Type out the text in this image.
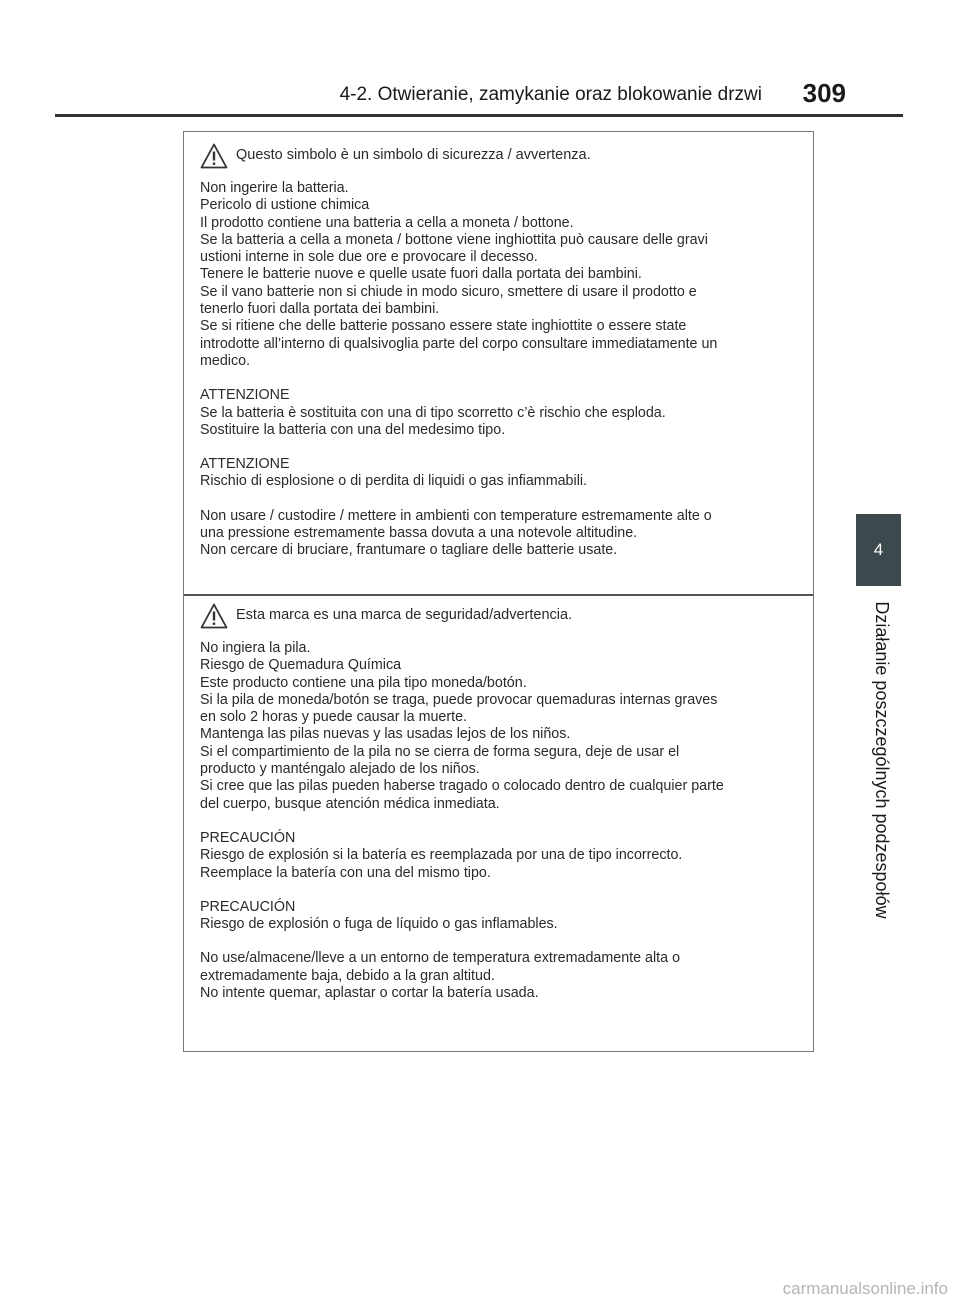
4-2. Otwieranie, zamykanie oraz blokowanie drzwi 309
4
Działanie poszczególnych podzespołów
Questo simbolo è un simbolo di sicurezza / avvertenza.
Non ingerire la batteria.
Pericolo di ustione chimica
Il prodotto contiene una batteria a cella a moneta / bottone.
Se la batteria a cella a moneta / bottone viene inghiottita può causare delle gravi
ustioni interne in sole due ore e provocare il decesso.
Tenere le batterie nuove e quelle usate fuori dalla portata dei bambini.
Se il vano batterie non si chiude in modo sicuro, smettere di usare il prodotto e
tenerlo fuori dalla portata dei bambini.
Se si ritiene che delle batterie possano essere state inghiottite o essere state
introdotte all’interno di qualsivoglia parte del corpo consultare immediatamente un
medico.
ATTENZIONE
Se la batteria è sostituita con una di tipo scorretto c’è rischio che esploda.
Sostituire la batteria con una del medesimo tipo.
ATTENZIONE
Rischio di esplosione o di perdita di liquidi o gas infiammabili.
Non usare / custodire / mettere in ambienti con temperature estremamente alte o
una pressione estremamente bassa dovuta a una notevole altitudine.
Non cercare di bruciare, frantumare o tagliare delle batterie usate.
Esta marca es una marca de seguridad/advertencia.
No ingiera la pila.
Riesgo de Quemadura Química
Este producto contiene una pila tipo moneda/botón.
Si la pila de moneda/botón se traga, puede provocar quemaduras internas graves
en solo 2 horas y puede causar la muerte.
Mantenga las pilas nuevas y las usadas lejos de los niños.
Si el compartimiento de la pila no se cierra de forma segura, deje de usar el
producto y manténgalo alejado de los niños.
Si cree que las pilas pueden haberse tragado o colocado dentro de cualquier parte
del cuerpo, busque atención médica inmediata.
PRECAUCIÓN
Riesgo de explosión si la batería es reemplazada por una de tipo incorrecto.
Reemplace la batería con una del mismo tipo.
PRECAUCIÓN
Riesgo de explosión o fuga de líquido o gas inflamables.
No use/almacene/lleve a un entorno de temperatura extremadamente alta o
extremadamente baja, debido a la gran altitud.
No intente quemar, aplastar o cortar la batería usada.
carmanualsonline.info
